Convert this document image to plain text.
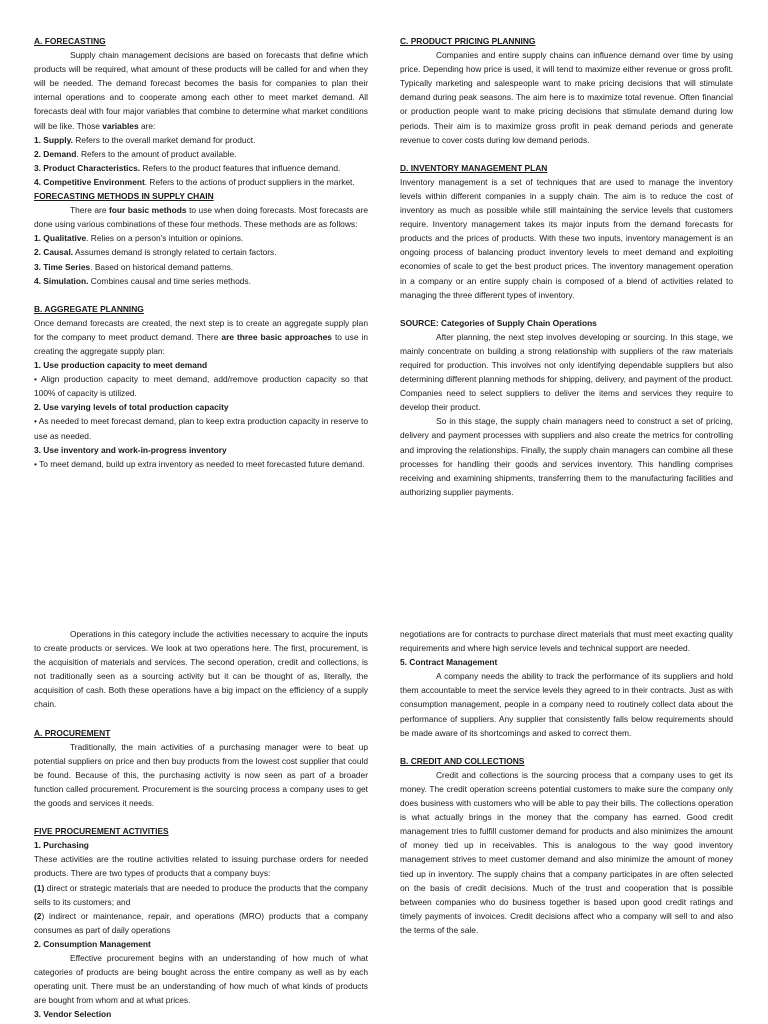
A. FORECASTING

Supply chain management decisions are based on forecasts that define which products will be required, what amount of these products will be called for and when they will be needed. The demand forecast becomes the basis for companies to plan their internal operations and to cooperate among each other to meet market demand. All forecasts deal with four major variables that combine to determine what market conditions will be like. Those variables are:

1. Supply. Refers to the overall market demand for product.

2. Demand. Refers to the amount of product available.

3. Product Characteristics. Refers to the product features that influence demand.

4. Competitive Environment. Refers to the actions of product suppliers in the market.

FORECASTING METHODS IN SUPPLY CHAIN

There are four basic methods to use when doing forecasts. Most forecasts are done using various combinations of these four methods. These methods are as follows:

1. Qualitative. Relies on a person's intuition or opinions.

2. Causal. Assumes demand is strongly related to certain factors.

3. Time Series. Based on historical demand patterns.

4. Simulation. Combines causal and time series methods.

B. AGGREGATE PLANNING

Once demand forecasts are created, the next step is to create an aggregate supply plan for the company to meet product demand. There are three basic approaches to use in creating the aggregate supply plan:

1. Use production capacity to meet demand

• Align production capacity to meet demand, add/remove production capacity so that 100% of capacity is utilized.

2. Use varying levels of total production capacity

• As needed to meet forecast demand, plan to keep extra production capacity in reserve to use as needed.

3. Use inventory and work-in-progress inventory

• To meet demand, build up extra inventory as needed to meet forecasted future demand.

C. PRODUCT PRICING PLANNING

Companies and entire supply chains can influence demand over time by using price. Depending how price is used, it will tend to maximize either revenue or gross profit. Typically marketing and salespeople want to make pricing decisions that will stimulate demand during peak seasons. The aim here is to maximize total revenue. Often financial or production people want to make pricing decisions that stimulate demand during low periods. Their aim is to maximize gross profit in peak demand periods and generate revenue to cover costs during low demand periods.

D. INVENTORY MANAGEMENT PLAN

Inventory management is a set of techniques that are used to manage the inventory levels within different companies in a supply chain. The aim is to reduce the cost of inventory as much as possible while still maintaining the service levels that customers require. Inventory management takes its major inputs from the demand forecasts for products and the prices of products. With these two inputs, inventory management is an ongoing process of balancing product inventory levels to meet demand and exploiting economies of scale to get the best product prices. The inventory management operation in a company or an entire supply chain is composed of a blend of activities related to managing the three different types of inventory.

SOURCE: Categories of Supply Chain Operations

After planning, the next step involves developing or sourcing. In this stage, we mainly concentrate on building a strong relationship with suppliers of the raw materials required for production. This involves not only identifying dependable suppliers but also determining different planning methods for shipping, delivery, and payment of the product. Companies need to select suppliers to deliver the items and services they require to develop their product.

So in this stage, the supply chain managers need to construct a set of pricing, delivery and payment processes with suppliers and also create the metrics for controlling and improving the relationships. Finally, the supply chain managers can combine all these processes for handling their goods and services inventory. This handling comprises receiving and examining shipments, transferring them to the manufacturing facilities and authorizing supplier payments.

Operations in this category include the activities necessary to acquire the inputs to create products or services. We look at two operations here. The first, procurement, is the acquisition of materials and services. The second operation, credit and collections, is not traditionally seen as a sourcing activity but it can be thought of as, literally, the acquisition of cash. Both these operations have a big impact on the efficiency of a supply chain.

A. PROCUREMENT

Traditionally, the main activities of a purchasing manager were to beat up potential suppliers on price and then buy products from the lowest cost supplier that could be found. Because of this, the purchasing activity is now seen as part of a broader function called procurement. Procurement is the sourcing process a company uses to get the goods and services it needs.

FIVE PROCUREMENT ACTIVITIES

1. Purchasing

These activities are the routine activities related to issuing purchase orders for needed products. There are two types of products that a company buys:

(1) direct or strategic materials that are needed to produce the products that the company sells to its customers; and

(2) indirect or maintenance, repair, and operations (MRO) products that a company consumes as part of daily operations

2. Consumption Management

Effective procurement begins with an understanding of how much of what categories of products are being bought across the entire company as well as by each operating unit. There must be an understanding of how much of what kinds of products are bought from whom and at what prices.

3. Vendor Selection

negotiations are for contracts to purchase direct materials that must meet exacting quality requirements and where high service levels and technical support are needed.

5. Contract Management

A company needs the ability to track the performance of its suppliers and hold them accountable to meet the service levels they agreed to in their contracts. Just as with consumption management, people in a company need to routinely collect data about the performance of suppliers. Any supplier that consistently falls below requirements should be made aware of its shortcomings and asked to correct them.

B. CREDIT AND COLLECTIONS

Credit and collections is the sourcing process that a company uses to get its money. The credit operation screens potential customers to make sure the company only does business with customers who will be able to pay their bills. The collections operation is what actually brings in the money that the company has earned. Good credit management tries to fulfill customer demand for products and also minimizes the amount of money tied up in receivables. This is analogous to the way good inventory management strives to meet customer demand and also minimize the amount of money tied up in inventory. The supply chains that a company participates in are often selected on the basis of credit decisions. Much of the trust and cooperation that is possible between companies who do business together is based upon good credit ratings and timely payments of invoices. Credit decisions affect who a company will sell to and also the terms of the sale.
